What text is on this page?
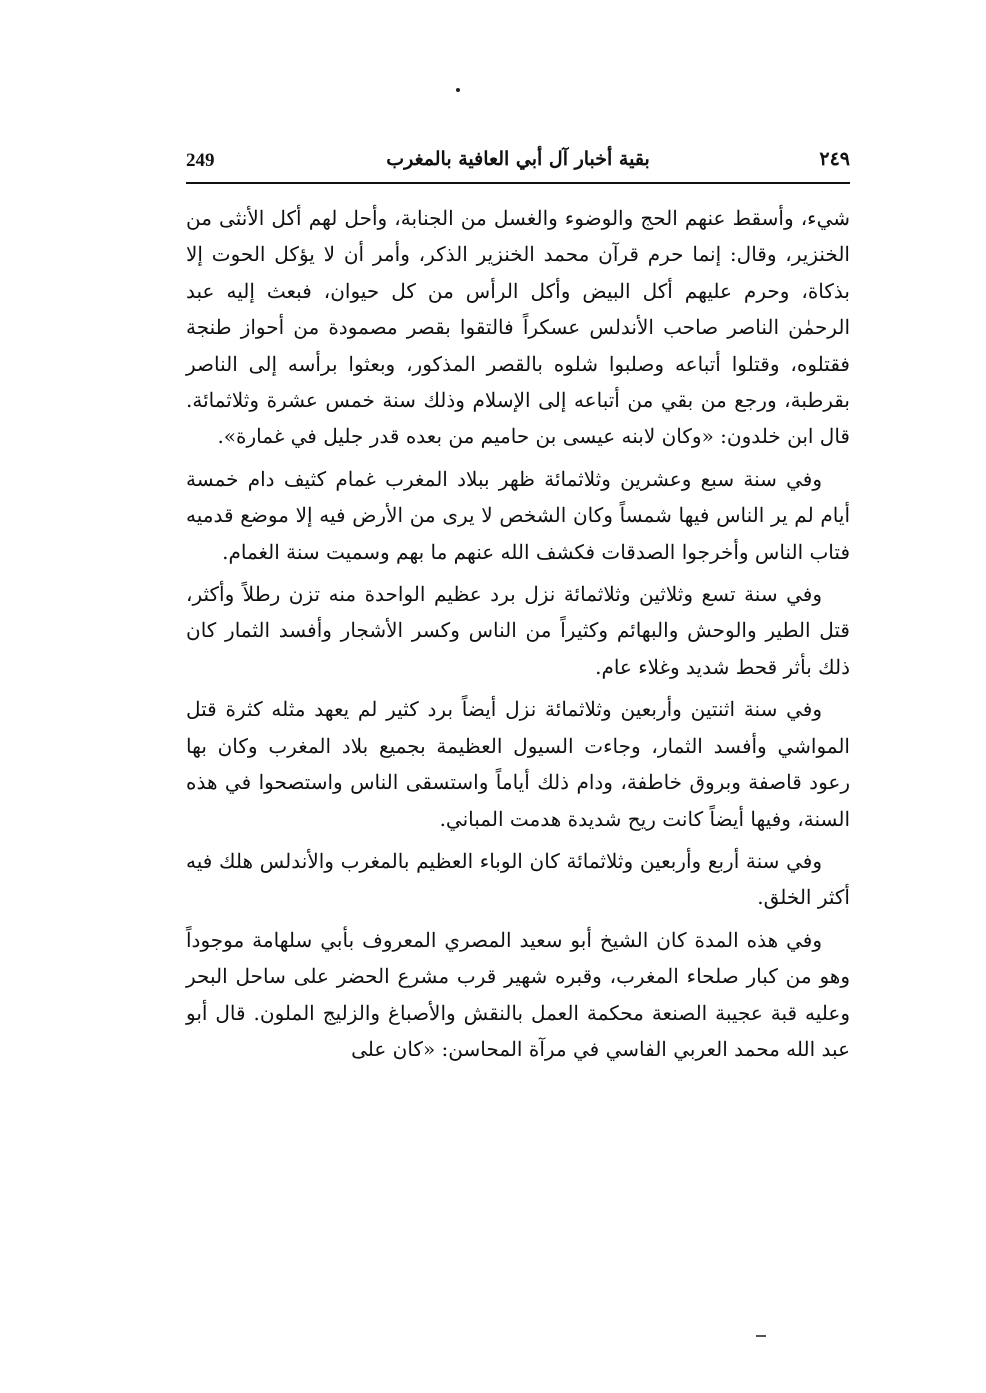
249	بقية أخبار آل أبي العافية بالمغرب	٢٤٩

شيء، وأسقط عنهم الحج والوضوء والغسل من الجنابة، وأحل لهم أكل الأنثى من الخنزير، وقال: إنما حرم قرآن محمد الخنزير الذكر، وأمر أن لا يؤكل الحوت إلا بذكاة، وحرم عليهم أكل البيض وأكل الرأس من كل حيوان، فبعث إليه عبد الرحمٰن الناصر صاحب الأندلس عسكراً فالتقوا بقصر مصمودة من أحواز طنجة فقتلوه، وقتلوا أتباعه وصلبوا شلوه بالقصر المذكور، وبعثوا برأسه إلى الناصر بقرطبة، ورجع من بقي من أتباعه إلى الإسلام وذلك سنة خمس عشرة وثلاثمائة. قال ابن خلدون: «وكان لابنه عيسى بن حاميم من بعده قدر جليل في غمارة».

وفي سنة سبع وعشرين وثلاثمائة ظهر ببلاد المغرب غمام كثيف دام خمسة أيام لم ير الناس فيها شمساً وكان الشخص لا يرى من الأرض فيه إلا موضع قدميه فتاب الناس وأخرجوا الصدقات فكشف الله عنهم ما بهم وسميت سنة الغمام.

وفي سنة تسع وثلاثين وثلاثمائة نزل برد عظيم الواحدة منه تزن رطلاً وأكثر، قتل الطير والوحش والبهائم وكثيراً من الناس وكسر الأشجار وأفسد الثمار كان ذلك بأثر قحط شديد وغلاء عام.

وفي سنة اثنتين وأربعين وثلاثمائة نزل أيضاً برد كثير لم يعهد مثله كثرة قتل المواشي وأفسد الثمار، وجاءت السيول العظيمة بجميع بلاد المغرب وكان بها رعود قاصفة وبروق خاطفة، ودام ذلك أياماً واستسقى الناس واستصحوا في هذه السنة، وفيها أيضاً كانت ريح شديدة هدمت المباني.

وفي سنة أربع وأربعين وثلاثمائة كان الوباء العظيم بالمغرب والأندلس هلك فيه أكثر الخلق.

وفي هذه المدة كان الشيخ أبو سعيد المصري المعروف بأبي سلهامة موجوداً وهو من كبار صلحاء المغرب، وقبره شهير قرب مشرع الحضر على ساحل البحر وعليه قبة عجيبة الصنعة محكمة العمل بالنقش والأصباغ والزليج الملون. قال أبو عبد الله محمد العربي الفاسي في مرآة المحاسن: «كان على
